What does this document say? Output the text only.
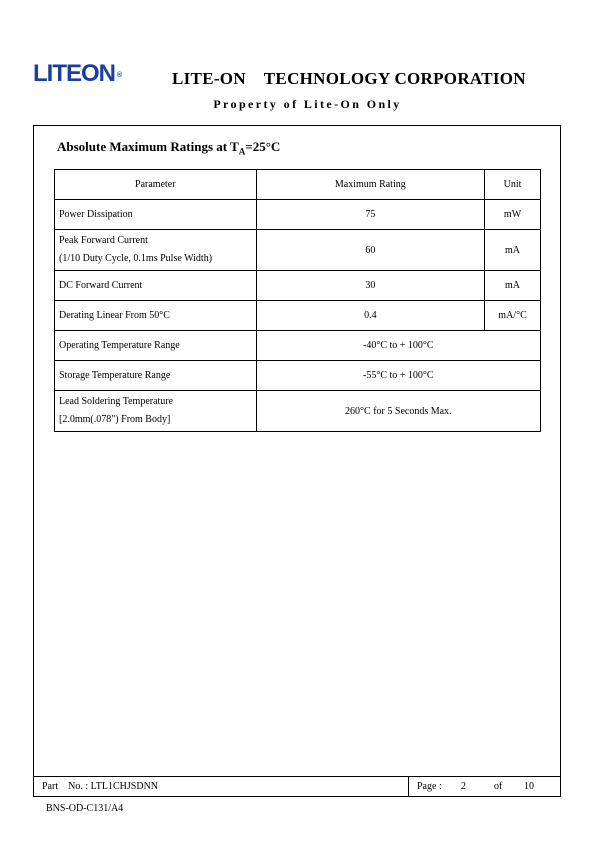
LITEON ®	LITE-ON    TECHNOLOGY CORPORATION
Property of Lite-On Only
Absolute Maximum Ratings at $T_A=25^\circ C$
Parameter	Maximum Rating	Unit
Power Dissipation	75	mW
Peak Forward Current
(1/10 Duty Cycle, 0.1ms Pulse Width)	60	mA
DC Forward Current	30	mA
Derating Linear From 50°C	0.4	mA/°C
Operating Temperature Range	-40°C to + 100°C	
Storage Temperature Range	-55°C to + 100°C	
Lead Soldering Temperature
[2.0mm(.078") From Body]	260°C for 5 Seconds Max.	
Part    No. : LTL1CHJSDNN	Page : 2	of 10
BNS-OD-C131/A4
